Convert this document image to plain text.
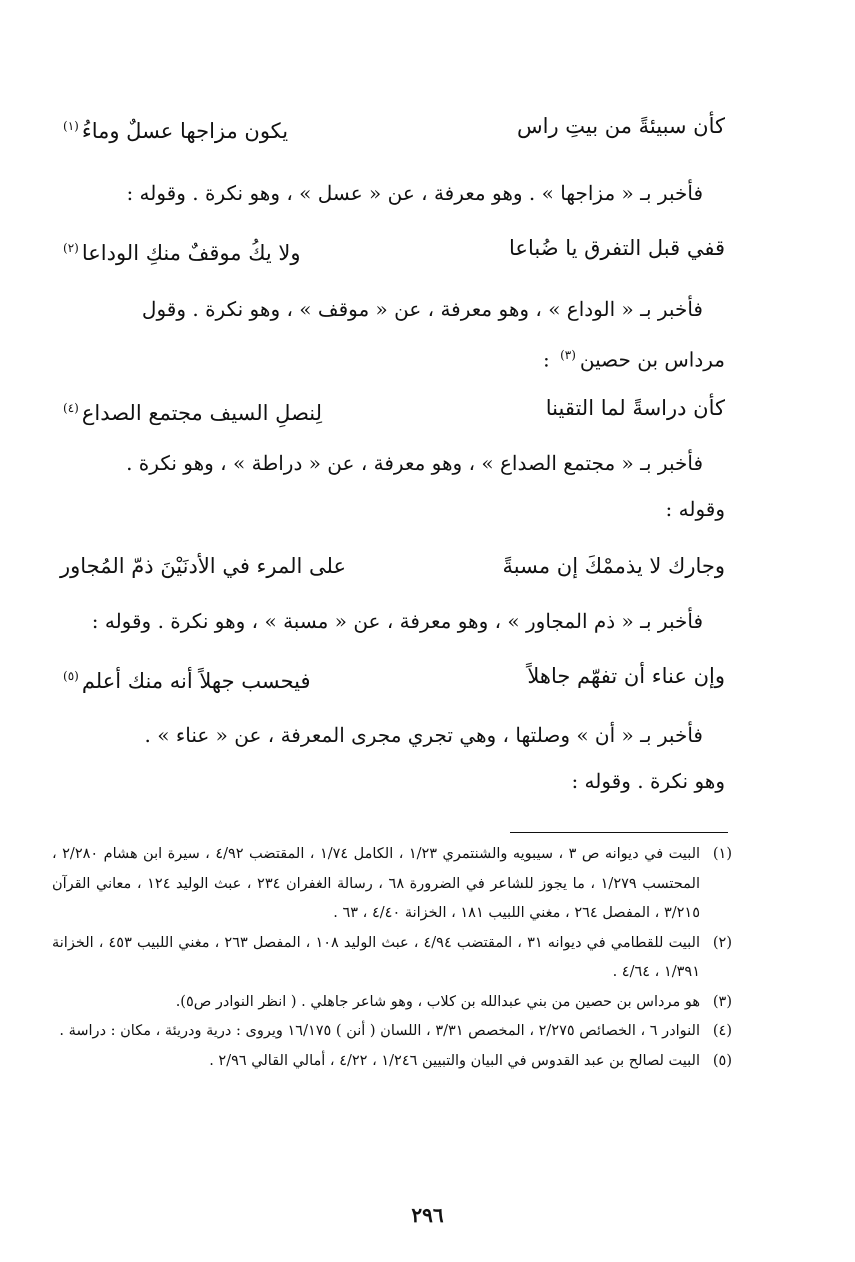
كأن سبيئةً من بيتِ راس
يكون مزاجها عسلٌ وماءُ$^{(١)}$

فأخبر بـ « مزاجها » . وهو معرفة ، عن « عسل » ، وهو نكرة . وقوله :

قفي قبل التفرق يا ضُباعا
ولا يكُ موقفٌ منكِ الوداعا$^{(٢)}$

فأخبر بـ « الوداع » ، وهو معرفة ، عن « موقف » ، وهو نكرة . وقول

مرداس بن حصين$^{(٣)}$ :

كأن دراسةً لما التقينا
لِنصلِ السيف مجتمع الصداع$^{(٤)}$

فأخبر بـ « مجتمع الصداع » ، وهو معرفة ، عن « دراطة » ، وهو نكرة .

وقوله :

وجارك لا يذممْكَ إن مسبةً
على المرء في الأدنَيْنَ ذمّ المُجاور

فأخبر بـ « ذم المجاور » ، وهو معرفة ، عن « مسبة » ، وهو نكرة . وقوله :

وإن عناء أن تفهّم جاهلاً
فيحسب جهلاً أنه منك أعلم$^{(٥)}$

فأخبر بـ « أن » وصلتها ، وهي تجري مجرى المعرفة ، عن « عناء » .

وهو نكرة . وقوله :

(١)
البيت في ديوانه ص ٣ ، سيبويه والشنتمري ١/٢٣ ، الكامل ١/٧٤ ، المقتضب ٤/٩٢ ، سيرة ابن هشام ٢/٢٨٠ ، المحتسب ١/٢٧٩ ، ما يجوز للشاعر في الضرورة ٦٨ ، رسالة الغفران ٢٣٤ ، عبث الوليد ١٢٤ ، معاني القرآن ٣/٢١٥ ، المفصل ٢٦٤ ، مغني اللبيب ١٨١ ، الخزانة ٤/٤٠ ، ٦٣ .
(٢)
البيت للقطامي في ديوانه ٣١ ، المقتضب ٤/٩٤ ، عبث الوليد ١٠٨ ، المفصل ٢٦٣ ، مغني اللبيب ٤٥٣ ، الخزانة ١/٣٩١ ، ٤/٦٤ .
(٣)
هو مرداس بن حصين من بني عبدالله بن كلاب ، وهو شاعر جاهلي . ( انظر النوادر ص٥).
(٤)
النوادر ٦ ، الخصائص ٢/٢٧٥ ، المخصص ٣/٣١ ، اللسان ( أنن ) ١٦/١٧٥ ويروى : درية ودريئة ، مكان : دراسة .
(٥)
البيت لصالح بن عبد القدوس في البيان والتبيين ١/٢٤٦ ، ٤/٢٢ ، أمالي القالي ٢/٩٦ .
٢٩٦
